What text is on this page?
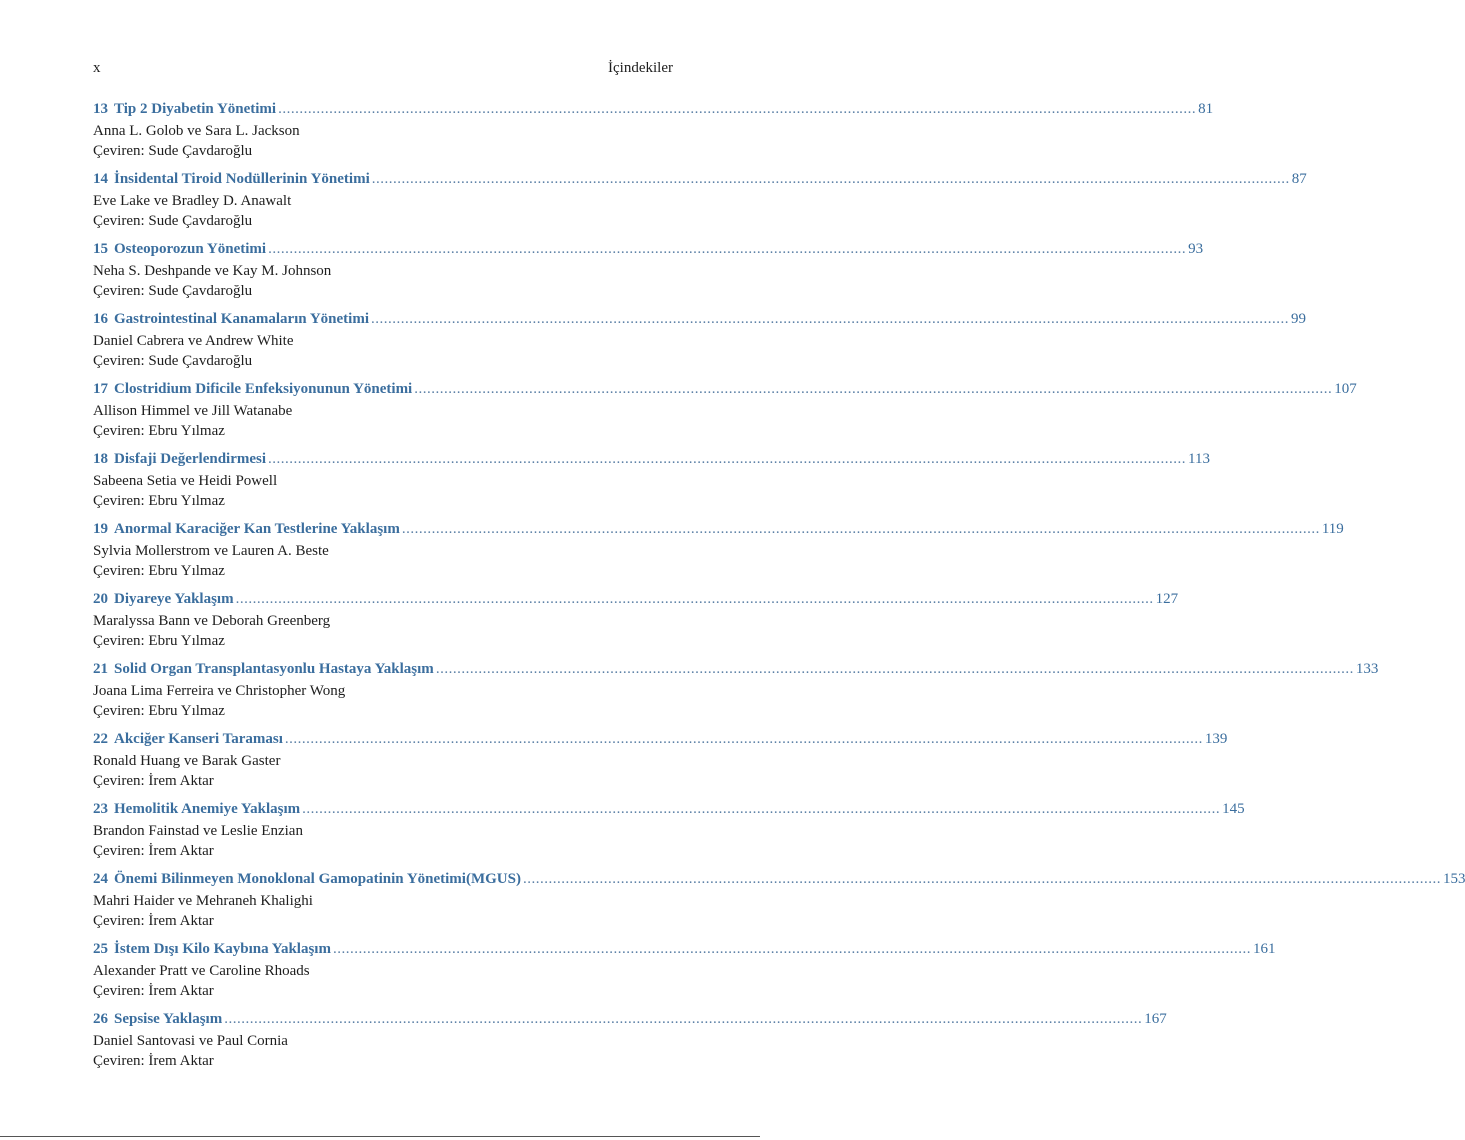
x	İçindekiler
13 Tip 2 Diyabetin Yönetimi .....	81
Anna L. Golob ve Sara L. Jackson
Çeviren: Sude Çavdaroğlu
14 İnsidental Tiroid Nodüllerinin Yönetimi .....	87
Eve Lake ve Bradley D. Anawalt
Çeviren: Sude Çavdaroğlu
15 Osteoporozun Yönetimi .....	93
Neha S. Deshpande ve Kay M. Johnson
Çeviren: Sude Çavdaroğlu
16 Gastrointestinal Kanamaların Yönetimi .....	99
Daniel Cabrera ve Andrew White
Çeviren: Sude Çavdaroğlu
17 Clostridium Dificile Enfeksiyonunun Yönetimi .....	107
Allison Himmel ve Jill Watanabe
Çeviren: Ebru Yılmaz
18 Disfaji Değerlendirmesi .....	113
Sabeena Setia ve Heidi Powell
Çeviren: Ebru Yılmaz
19 Anormal Karaciğer Kan Testlerine Yaklaşım .....	119
Sylvia Mollerstrom ve Lauren A. Beste
Çeviren: Ebru Yılmaz
20 Diyareye Yaklaşım .....	127
Maralyssa Bann ve Deborah Greenberg
Çeviren: Ebru Yılmaz
21 Solid Organ Transplantasyonlu Hastaya Yaklaşım .....	133
Joana Lima Ferreira ve Christopher Wong
Çeviren: Ebru Yılmaz
22 Akciğer Kanseri Taraması .....	139
Ronald Huang ve Barak Gaster
Çeviren: İrem Aktar
23 Hemolitik Anemiye Yaklaşım .....	145
Brandon Fainstad ve Leslie Enzian
Çeviren: İrem Aktar
24 Önemi Bilinmeyen Monoklonal Gamopatinin Yönetimi(MGUS) .....	153
Mahri Haider ve Mehraneh Khalighi
Çeviren: İrem Aktar
25 İstem Dışı Kilo Kaybına Yaklaşım .....	161
Alexander Pratt ve Caroline Rhoads
Çeviren: İrem Aktar
26 Sepsise Yaklaşım .....	167
Daniel Santovasi ve Paul Cornia
Çeviren: İrem Aktar
